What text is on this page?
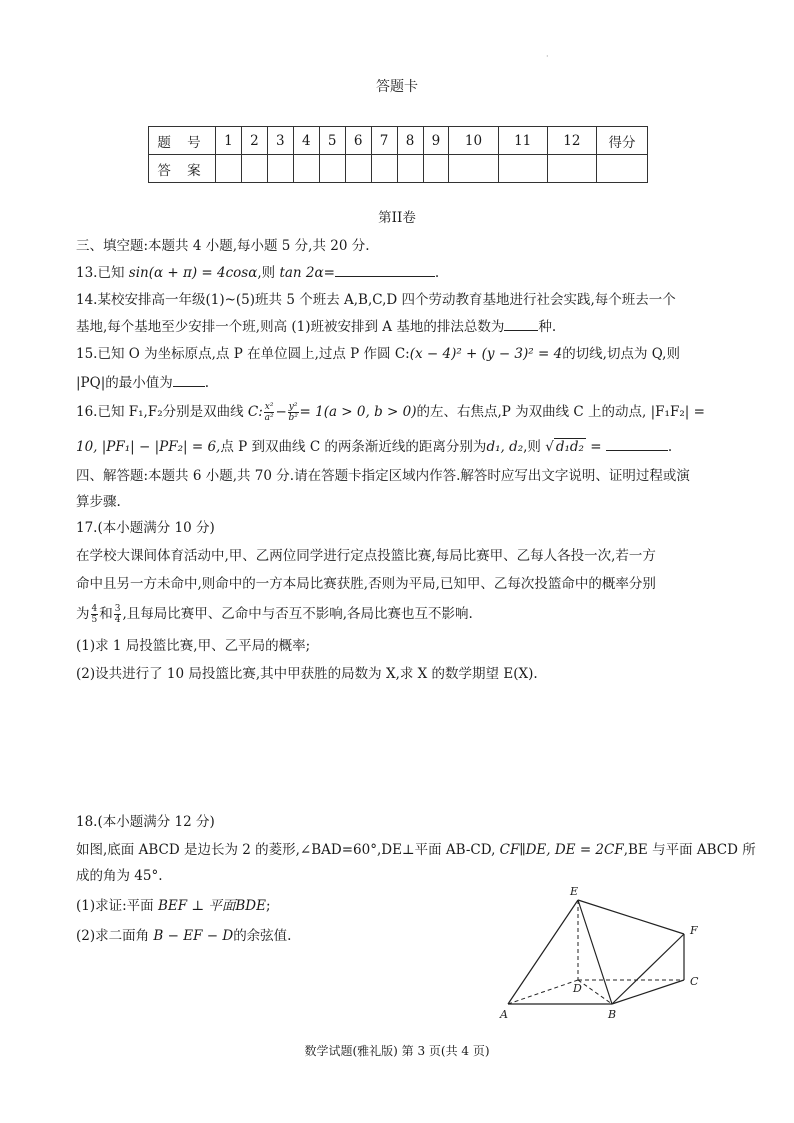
·
答题卡
题 号	1	2	3	4	5	6	7	8	9	10	11	12	得分
答 案													
第II卷
三、填空题:本题共 4 小题,每小题 5 分,共 20 分.
13.已知 sin(α + π) = 4cosα,则 tan 2α=	.
14.某校安排高一年级(1)~(5)班共 5 个班去 A,B,C,D 四个劳动教育基地进行社会实践,每个班去一个
基地,每个基地至少安排一个班,则高 (1)班被安排到 A 基地的排法总数为	种.
15.已知 O 为坐标原点,点 P 在单位圆上,过点 P 作圆 C:(x − 4)² + (y − 3)² = 4的切线,切点为 Q,则
|PQ|的最小值为 .
16.已知 F₁,F₂分别是双曲线 C: $\frac{\text{x²}}{\text{a²}} - \frac{\text{y²}}{\text{b²}} = 1(a > 0$, b > 0)的左、右焦点,P 为双曲线 C 上的动点, |F₁F₂| =
10, |PF₁| − |PF₂| = 6,点 P 到双曲线 C 的两条渐近线的距离分别为d₁, d₂,则 √ d₁d₂ =	.
四、解答题:本题共 6 小题,共 70 分.请在答题卡指定区域内作答.解答时应写出文字说明、证明过程或演
算步骤.
17.(本小题满分 10 分)
在学校大课间体育活动中,甲、乙两位同学进行定点投篮比赛,每局比赛甲、乙每人各投一次,若一方
命中且另一方未命中,则命中的一方本局比赛获胜,否则为平局,已知甲、乙每次投篮命中的概率分别
为 $\frac{4}{5}$ 和 $\frac{3}{4}$ ,且每局比赛甲、乙命中与否互不影响,各局比赛也互不影响.
(1)求 1 局投篮比赛,甲、乙平局的概率;
(2)设共进行了 10 局投篮比赛,其中甲获胜的局数为 X,求 X 的数学期望 E(X).
18.(本小题满分 12 分)
如图,底面 ABCD 是边长为 2 的菱形,∠BAD=60°,DE⊥平面 AB-CD, CF∥DE, DE = 2CF,BE 与平面 ABCD 所
成的角为 45°.
(1)求证:平面 BEF ⊥ 平面BDE;
(2)求二面角 B − EF − D的余弦值.
E
F
D
C
A	B
数学试题(雅礼版) 第 3 页(共 4 页)
